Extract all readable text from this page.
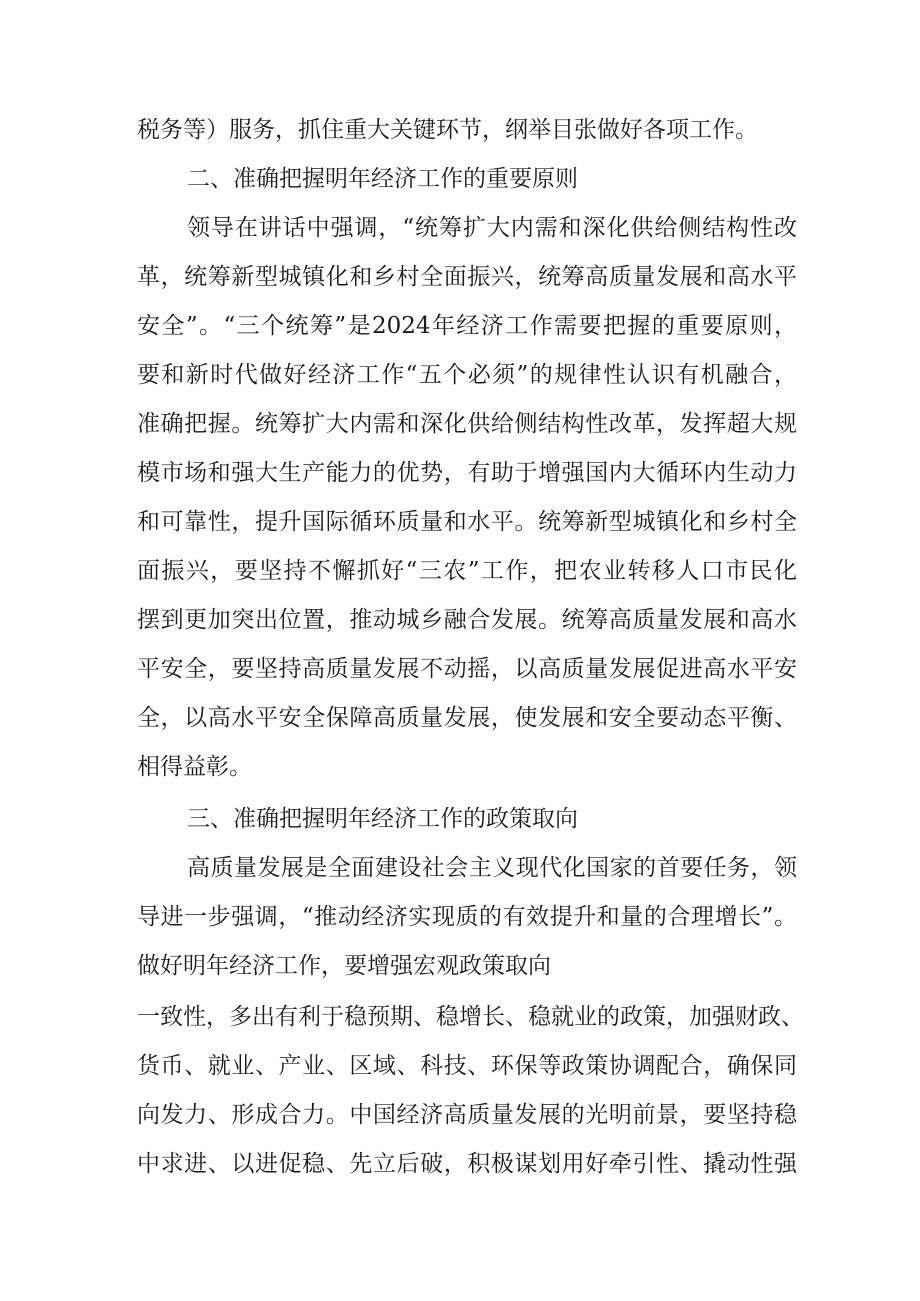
税务等）服务，抓住重大关键环节，纲举目张做好各项工作。
二、准确把握明年经济工作的重要原则
领导在讲话中强调，“统筹扩大内需和深化供给侧结构性改
革，统筹新型城镇化和乡村全面振兴，统筹高质量发展和高水平
安全”。“三个统筹”是2024年经济工作需要把握的重要原则，
要和新时代做好经济工作“五个必须”的规律性认识有机融合，
准确把握。统筹扩大内需和深化供给侧结构性改革，发挥超大规
模市场和强大生产能力的优势，有助于增强国内大循环内生动力
和可靠性，提升国际循环质量和水平。统筹新型城镇化和乡村全
面振兴，要坚持不懈抓好“三农”工作，把农业转移人口市民化
摆到更加突出位置，推动城乡融合发展。统筹高质量发展和高水
平安全，要坚持高质量发展不动摇，以高质量发展促进高水平安
全，以高水平安全保障高质量发展，使发展和安全要动态平衡、
相得益彰。
三、准确把握明年经济工作的政策取向
高质量发展是全面建设社会主义现代化国家的首要任务，领
导进一步强调，“推动经济实现质的有效提升和量的合理增长”。
做好明年经济工作，要增强宏观政策取向
一致性，多出有利于稳预期、稳增长、稳就业的政策，加强财政、
货币、就业、产业、区域、科技、环保等政策协调配合，确保同
向发力、形成合力。中国经济高质量发展的光明前景，要坚持稳
中求进、以进促稳、先立后破，积极谋划用好牵引性、撬动性强
